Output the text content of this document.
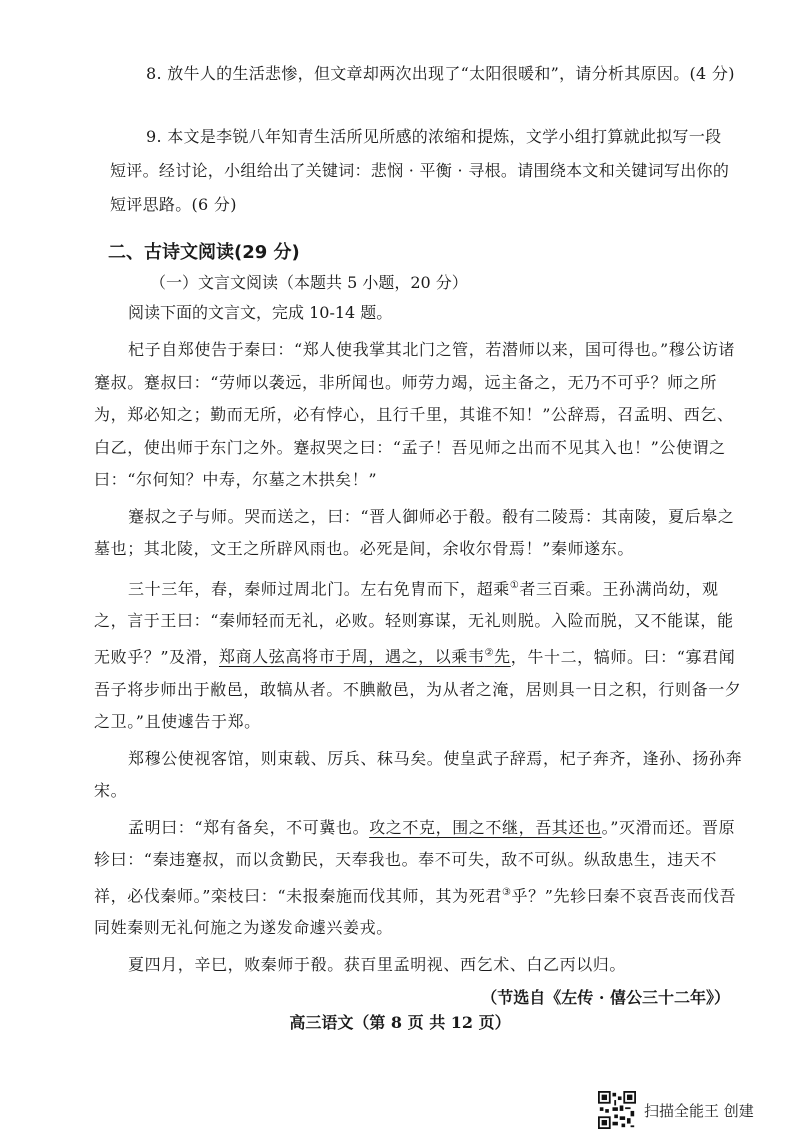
8. 放牛人的生活悲惨，但文章却两次出现了“太阳很暖和”，请分析其原因。(4 分)
9. 本文是李锐八年知青生活所见所感的浓缩和提炼，文学小组打算就此拟写一段短评。经讨论，小组给出了关键词：悲悯 · 平衡 · 寻根。请围绕本文和关键词写出你的短评思路。(6 分)
二、古诗文阅读(29 分)
（一）文言文阅读（本题共 5 小题，20 分）
阅读下面的文言文，完成 10-14 题。

杞子自郑使告于秦曰：“郑人使我掌其北门之管，若潜师以来，国可得也。”穆公访诸蹇叔。蹇叔曰：“劳师以袭远，非所闻也。师劳力竭，远主备之，无乃不可乎？师之所为，郑必知之；勤而无所，必有悖心，且行千里，其谁不知！”公辞焉，召孟明、西乞、白乙，使出师于东门之外。蹇叔哭之曰：“孟子！吾见师之出而不见其入也！”公使谓之曰：“尔何知？中寿，尔墓之木拱矣！”

蹇叔之子与师。哭而送之，曰：“晋人御师必于殽。殽有二陵焉：其南陵，夏后皋之墓也；其北陵，文王之所辟风雨也。必死是间，余收尔骨焉！”秦师遂东。

三十三年，春，秦师过周北门。左右免胄而下，超乘①者三百乘。王孙满尚幼，观之，言于王曰：“秦师轻而无礼，必败。轻则寡谋，无礼则脱。入险而脱，又不能谋，能无败乎？”及滑，郑商人弦高将市于周，遇之，以乘韦②先，牛十二，犒师。曰：“寡君闻吾子将步师出于敝邑，敢犒从者。不腆敝邑，为从者之淹，居则具一日之积，行则备一夕之卫。”且使遽告于郑。

郑穆公使视客馆，则束载、厉兵、秣马矣。使皇武子辞焉，杞子奔齐，逢孙、扬孙奔宋。

孟明曰：“郑有备矣，不可冀也。攻之不克，围之不继，吾其还也。”灭滑而还。晋原轸曰：“秦违蹇叔，而以贪勤民，天奉我也。奉不可失，敌不可纵。纵敌患生，违天不祥，必伐秦师。”栾枝曰：“未报秦施而伐其师，其为死君③乎？”先轸曰秦不哀吾丧而伐吾同姓秦则无礼何施之为遂发命遽兴姜戎。

夏四月，辛巳，败秦师于殽。获百里孟明视、西乞术、白乙丙以归。

（节选自《左传 · 僖公三十二年》）
高三语文（第 8 页 共 12 页）
扫描全能王 创建
